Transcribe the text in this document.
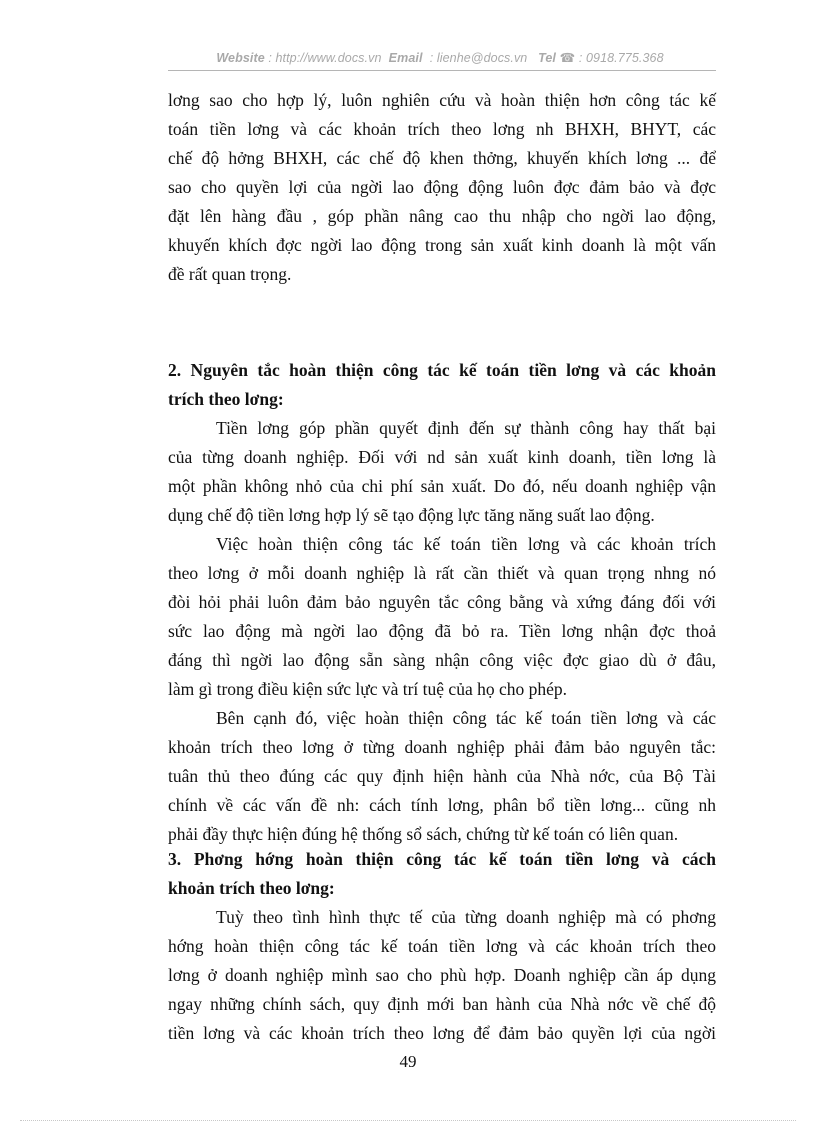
Website : http://www.docs.vn Email : lienhe@docs.vn Tel ☎ : 0918.775.368

lơng sao cho hợp lý, luôn nghiên cứu và hoàn thiện hơn công tác kế

toán tiền lơng và các khoản trích theo lơng nh BHXH, BHYT, các

chế độ hởng BHXH, các chế độ khen thởng, khuyến khích lơng ... để

sao cho quyền lợi của ngời lao động động luôn đợc đảm bảo và đợc

đặt lên hàng đầu , góp phần nâng cao thu nhập cho ngời lao động,

khuyến khích đợc ngời lao động trong sản xuất kinh doanh là một vấn

đề rất quan trọng.

2. Nguyên tắc hoàn thiện công tác kế toán tiền lơng và các khoản

trích theo lơng:

Tiền lơng góp phần quyết định đến sự thành công hay thất bại

của từng doanh nghiệp. Đối với nd sản xuất kinh doanh, tiền lơng là

một phần không nhỏ của chi phí sản xuất. Do đó, nếu doanh nghiệp vận

dụng chế độ tiền lơng hợp lý sẽ tạo động lực tăng năng suất lao động.

Việc hoàn thiện công tác kế toán tiền lơng và các khoản trích

theo lơng ở mỗi doanh nghiệp là rất cần thiết và quan trọng nhng nó

đòi hỏi phải luôn đảm bảo nguyên tắc công bằng và xứng đáng đối với

sức lao động mà ngời lao động đã bỏ ra. Tiền lơng nhận đợc thoả

đáng thì ngời lao động sẵn sàng nhận công việc đợc giao dù ở đâu,

làm gì trong điều kiện sức lực và trí tuệ của họ cho phép.

Bên cạnh đó, việc hoàn thiện công tác kế toán tiền lơng và các

khoản trích theo lơng ở từng doanh nghiệp phải đảm bảo nguyên tắc:

tuân thủ theo đúng các quy định hiện hành của Nhà nớc, của Bộ Tài

chính về các vấn đề nh: cách tính lơng, phân bổ tiền lơng... cũng nh

phải đầy thực hiện đúng hệ thống sổ sách, chứng từ kế toán có liên quan.

3. Phơng hớng hoàn thiện công tác kế toán tiền lơng và cách

khoản trích theo lơng:

Tuỳ theo tình hình thực tế của từng doanh nghiệp mà có phơng

hớng hoàn thiện công tác kế toán tiền lơng và các khoản trích theo

lơng ở doanh nghiệp mình sao cho phù hợp. Doanh nghiệp cần áp dụng

ngay những chính sách, quy định mới ban hành của Nhà nớc về chế độ

tiền lơng và các khoản trích theo lơng để đảm bảo quyền lợi của ngời

49
